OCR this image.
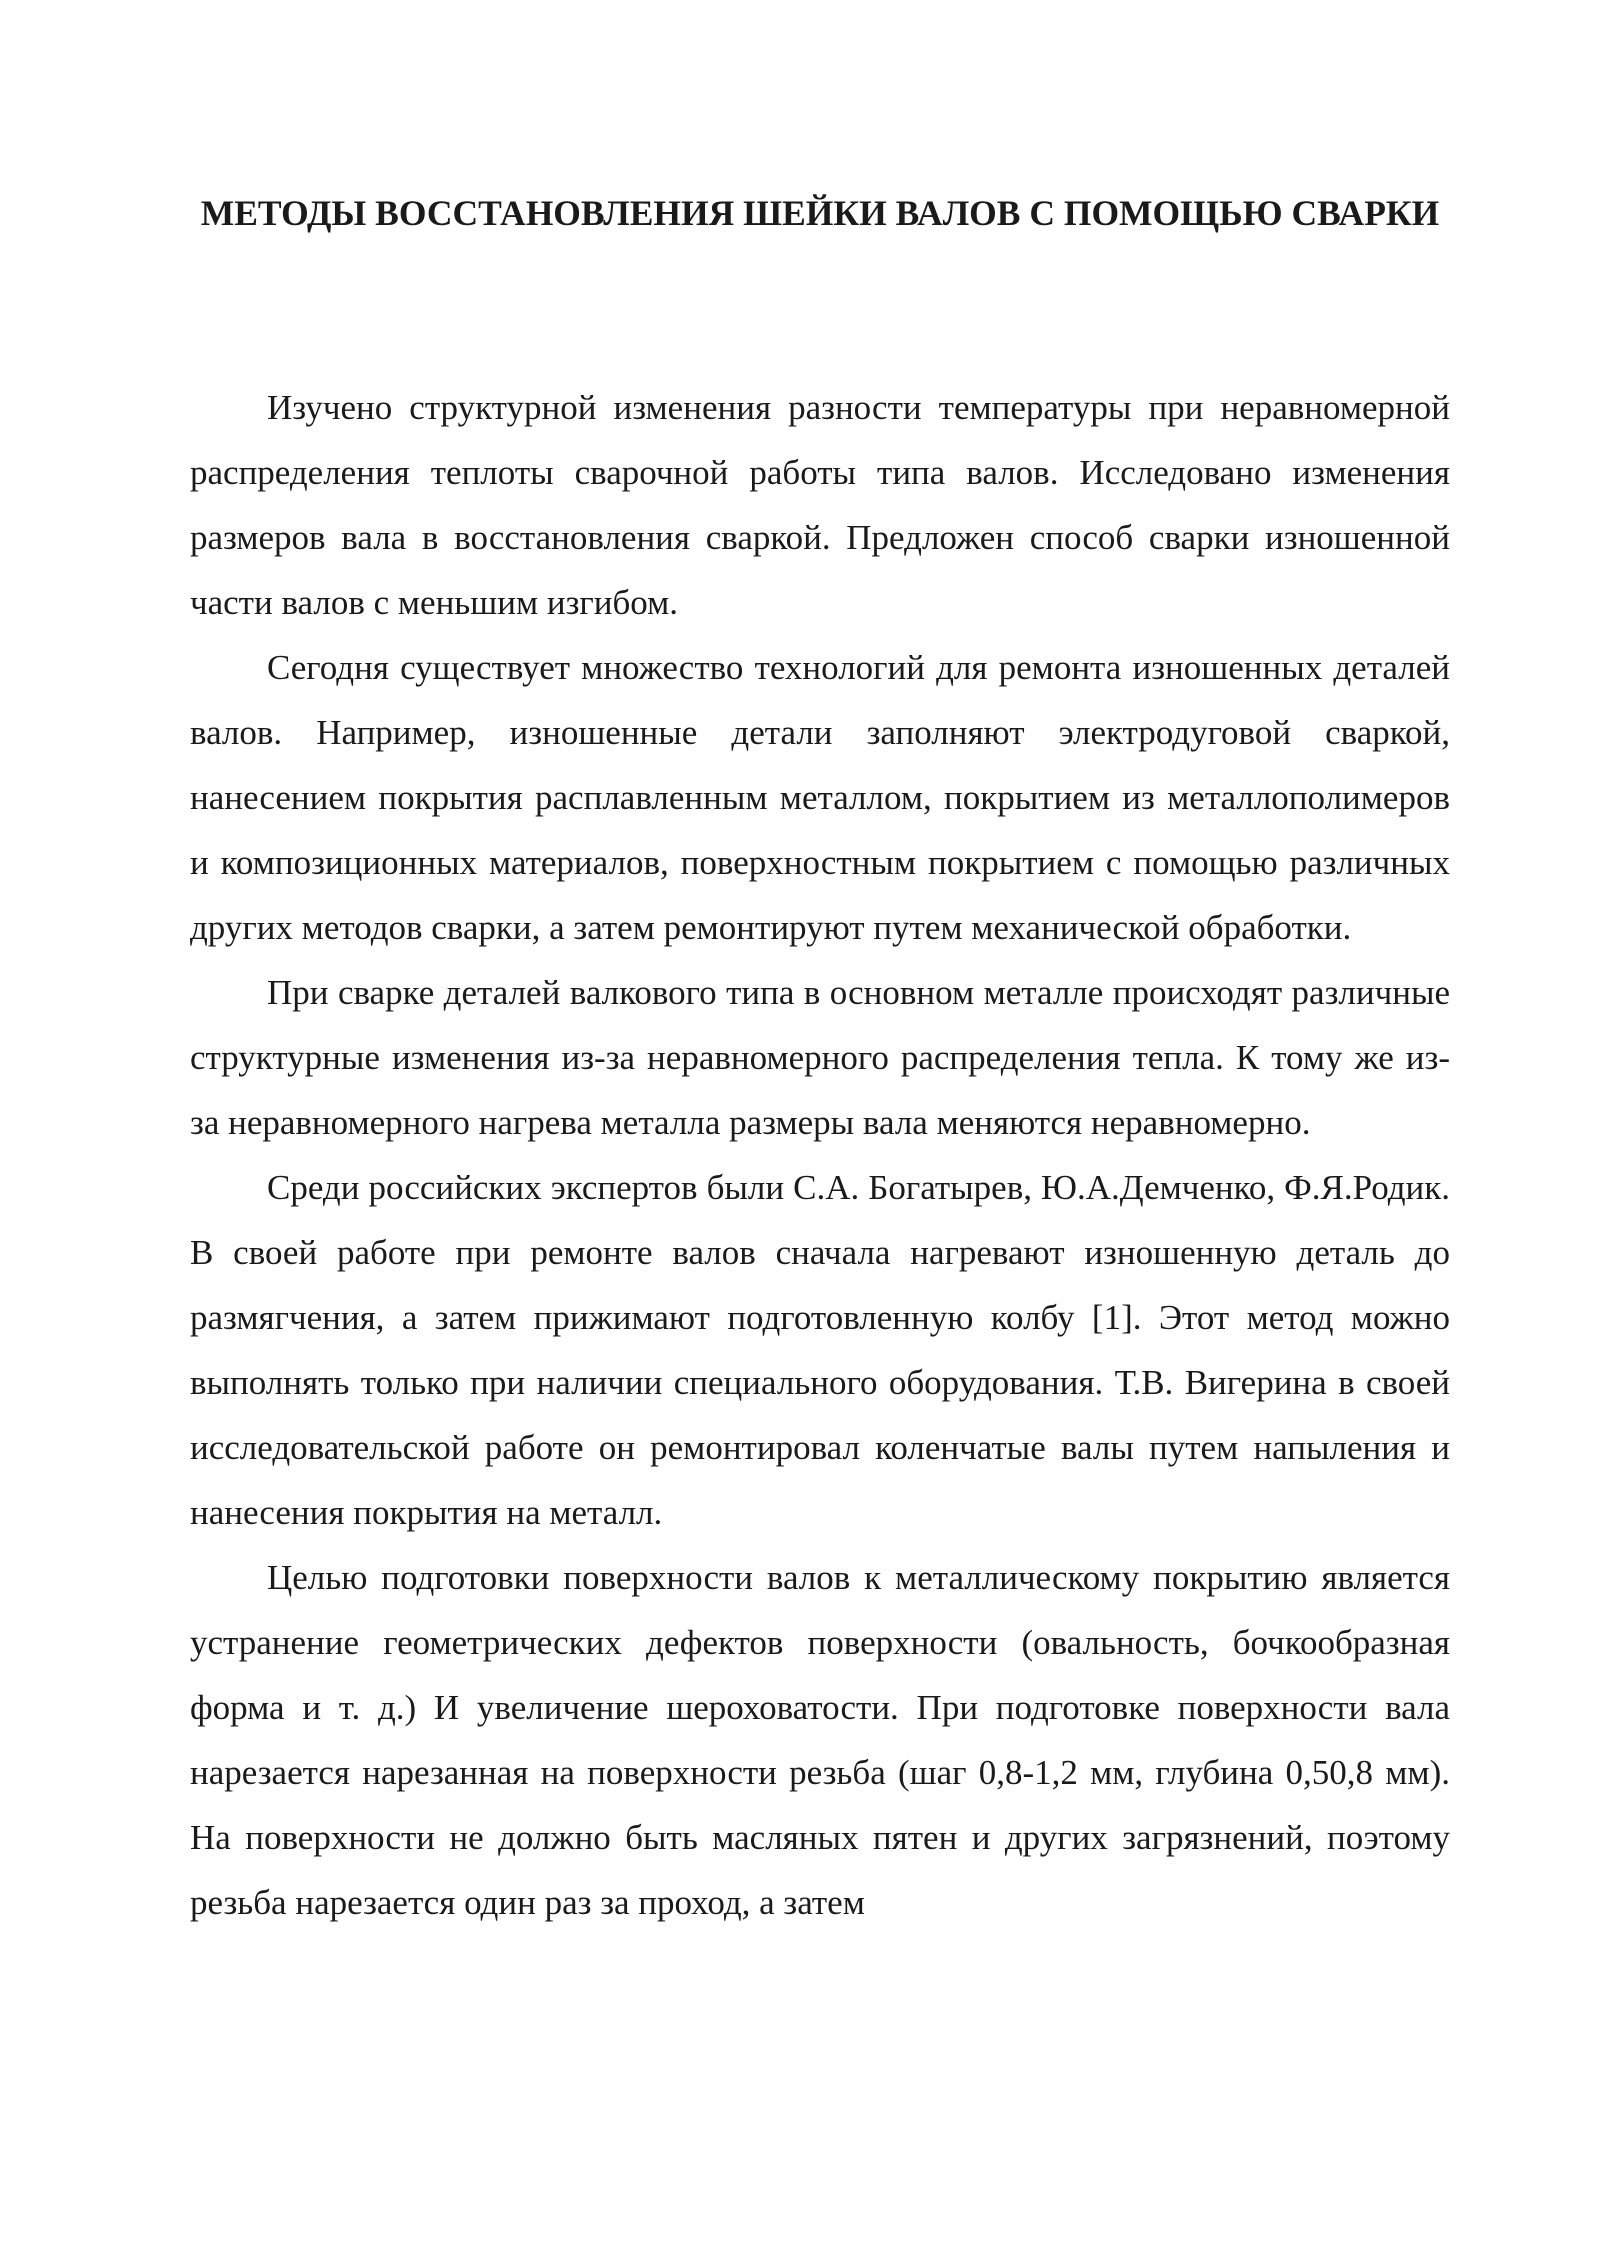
МЕТОДЫ ВОССТАНОВЛЕНИЯ ШЕЙКИ ВАЛОВ С ПОМОЩЬЮ СВАРКИ

Изучено структурной изменения разности температуры при неравномерной распределения теплоты сварочной работы типа валов. Исследовано изменения размеров вала в восстановления сваркой. Предложен способ сварки изношенной части валов с меньшим изгибом.

Сегодня существует множество технологий для ремонта изношенных деталей валов. Например, изношенные детали заполняют электродуговой сваркой, нанесением покрытия расплавленным металлом, покрытием из металлополимеров и композиционных материалов, поверхностным покрытием с помощью различных других методов сварки, а затем ремонтируют путем механической обработки.

При сварке деталей валкового типа в основном металле происходят различные структурные изменения из-за неравномерного распределения тепла. К тому же из-за неравномерного нагрева металла размеры вала меняются неравномерно.

Среди российских экспертов были С.А. Богатырев, Ю.А.Демченко, Ф.Я.Родик. В своей работе при ремонте валов сначала нагревают изношенную деталь до размягчения, а затем прижимают подготовленную колбу [1]. Этот метод можно выполнять только при наличии специального оборудования. Т.В. Вигерина в своей исследовательской работе он ремонтировал коленчатые валы путем напыления и нанесения покрытия на металл.

Целью подготовки поверхности валов к металлическому покрытию является устранение геометрических дефектов поверхности (овальность, бочкообразная форма и т. д.) И увеличение шероховатости. При подготовке поверхности вала нарезается нарезанная на поверхности резьба (шаг 0,8-1,2 мм, глубина 0,50,8 мм). На поверхности не должно быть масляных пятен и других загрязнений, поэтому резьба нарезается один раз за проход, а затем
